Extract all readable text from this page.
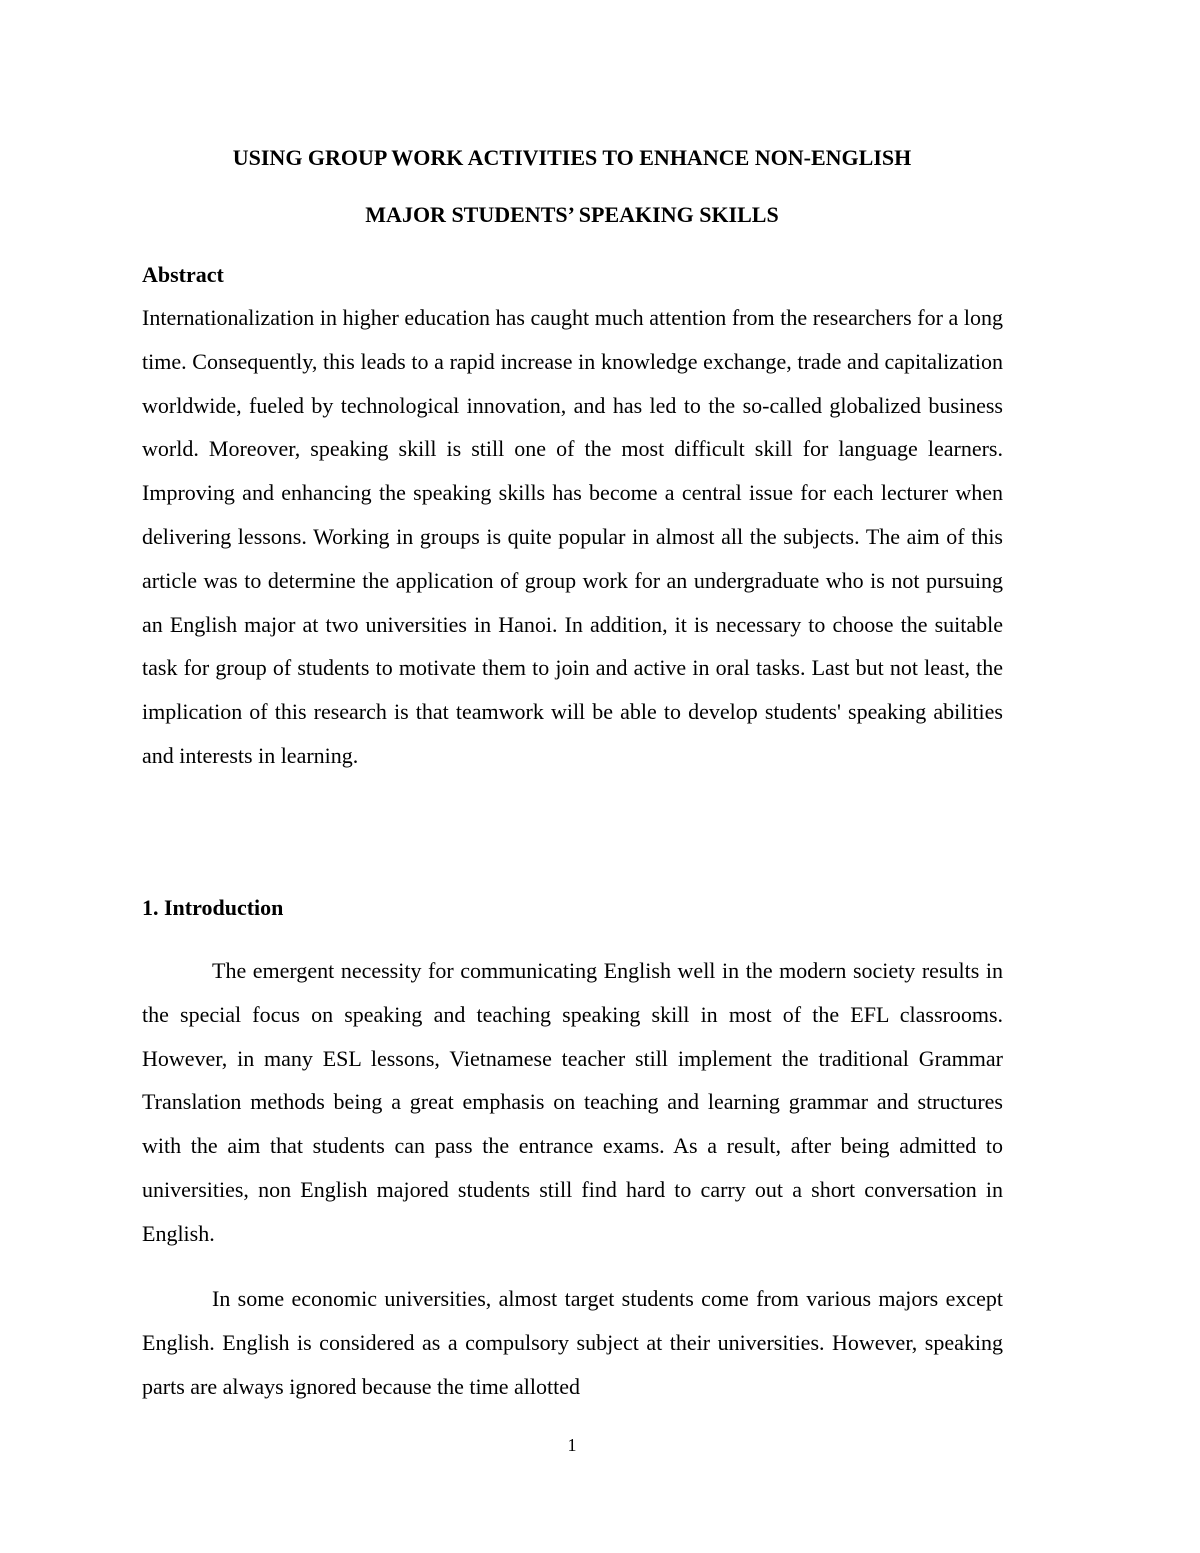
USING GROUP WORK ACTIVITIES TO ENHANCE NON-ENGLISH

MAJOR STUDENTS’ SPEAKING SKILLS

Abstract

Internationalization in higher education has caught much attention from the researchers for a long time. Consequently, this leads to a rapid increase in knowledge exchange, trade and capitalization worldwide, fueled by technological innovation, and has led to the so-called globalized business world. Moreover, speaking skill is still one of the most difficult skill for language learners. Improving and enhancing the speaking skills has become a central issue for each lecturer when delivering lessons. Working in groups is quite popular in almost all the subjects. The aim of this article was to determine the application of group work for an undergraduate who is not pursuing an English major at two universities in Hanoi. In addition, it is necessary to choose the suitable task for group of students to motivate them to join and active in oral tasks. Last but not least, the implication of this research is that teamwork will be able to develop students' speaking abilities and interests in learning.

1. Introduction

The emergent necessity for communicating English well in the modern society results in the special focus on speaking and teaching speaking skill in most of the EFL classrooms. However, in many ESL lessons, Vietnamese teacher still implement the traditional Grammar Translation methods being a great emphasis on teaching and learning grammar and structures with the aim that students can pass the entrance exams. As a result, after being admitted to universities, non English majored students still find hard to carry out a short conversation in English.

In some economic universities, almost target students come from various majors except English. English is considered as a compulsory subject at their universities. However, speaking parts are always ignored because the time allotted

1
